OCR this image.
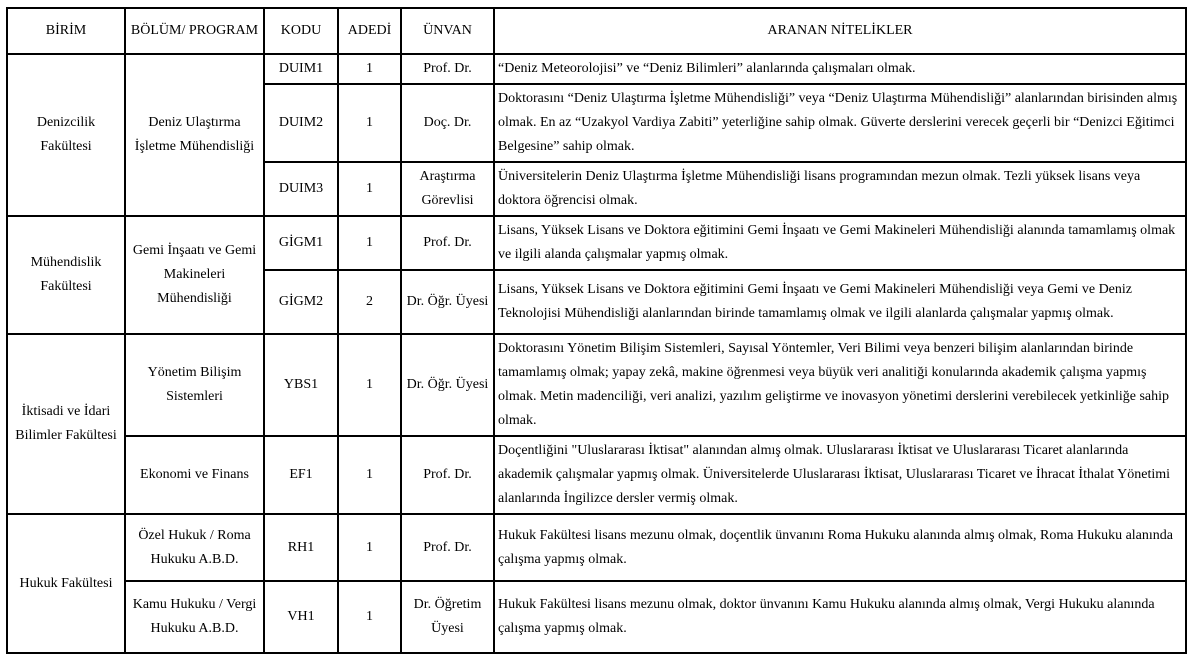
BİRİM	BÖLÜM/ PROGRAM	KODU	ADEDİ	ÜNVAN	ARANAN NİTELİKLER
Denizcilik Fakültesi	Deniz Ulaştırma İşletme Mühendisliği	DUIM1	1	Prof. Dr.	“Deniz Meteorolojisi” ve “Deniz Bilimleri” alanlarında çalışmaları olmak.
		DUIM2	1	Doç. Dr.	Doktorasını “Deniz Ulaştırma İşletme Mühendisliği” veya “Deniz Ulaştırma Mühendisliği” alanlarından birisinden almış olmak. En az “Uzakyol Vardiya Zabiti” yeterliğine sahip olmak. Güverte derslerini verecek geçerli bir “Denizci Eğitimci Belgesine” sahip olmak.
		DUIM3	1	Araştırma Görevlisi	Üniversitelerin Deniz Ulaştırma İşletme Mühendisliği lisans programından mezun olmak. Tezli yüksek lisans veya doktora öğrencisi olmak.
Mühendislik Fakültesi	Gemi İnşaatı ve Gemi Makineleri Mühendisliği	GİGM1	1	Prof. Dr.	Lisans, Yüksek Lisans ve Doktora eğitimini Gemi İnşaatı ve Gemi Makineleri Mühendisliği alanında tamamlamış olmak ve ilgili alanda çalışmalar yapmış olmak.
		GİGM2	2	Dr. Öğr. Üyesi	Lisans, Yüksek Lisans ve Doktora eğitimini Gemi İnşaatı ve Gemi Makineleri Mühendisliği veya Gemi ve Deniz Teknolojisi Mühendisliği alanlarından birinde tamamlamış olmak ve ilgili alanlarda çalışmalar yapmış olmak.
İktisadi ve İdari Bilimler Fakültesi	Yönetim Bilişim Sistemleri	YBS1	1	Dr. Öğr. Üyesi	Doktorasını Yönetim Bilişim Sistemleri, Sayısal Yöntemler, Veri Bilimi veya benzeri bilişim alanlarından birinde tamamlamış olmak; yapay zekâ, makine öğrenmesi veya büyük veri analitiği konularında akademik çalışma yapmış olmak. Metin madenciliği, veri analizi, yazılım geliştirme ve inovasyon yönetimi derslerini verebilecek yetkinliğe sahip olmak.
	Ekonomi ve Finans	EF1	1	Prof. Dr.	Doçentliğini "Uluslararası İktisat" alanından almış olmak. Uluslararası İktisat ve Uluslararası Ticaret alanlarında akademik çalışmalar yapmış olmak. Üniversitelerde Uluslararası İktisat, Uluslararası Ticaret ve İhracat İthalat Yönetimi alanlarında İngilizce dersler vermiş olmak.
Hukuk Fakültesi	Özel Hukuk / Roma Hukuku A.B.D.	RH1	1	Prof. Dr.	Hukuk Fakültesi lisans mezunu olmak, doçentlik ünvanını Roma Hukuku alanında almış olmak, Roma Hukuku alanında çalışma yapmış olmak.
	Kamu Hukuku / Vergi Hukuku A.B.D.	VH1	1	Dr. Öğretim Üyesi	Hukuk Fakültesi lisans mezunu olmak, doktor ünvanını Kamu Hukuku alanında almış olmak, Vergi Hukuku alanında çalışma yapmış olmak.
